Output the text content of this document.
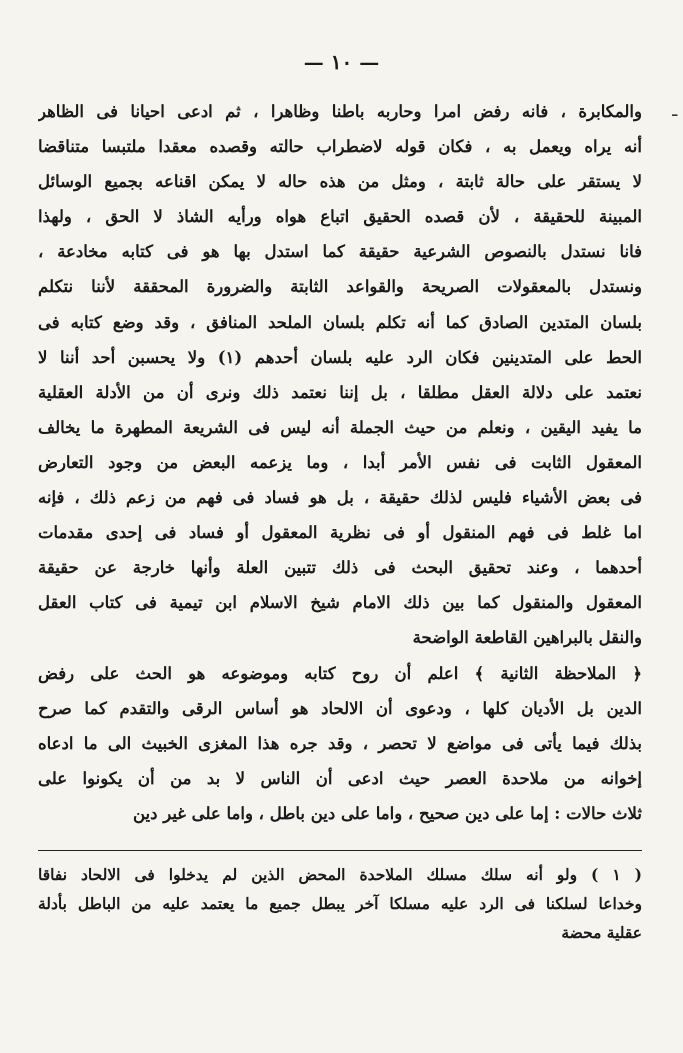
ـ
— ١٠ —
والمكابرة ، فانه رفض امرا وحاربه باطنا وظاهرا ، ثم ادعى احيانا فى الظاهر
أنه يراه ويعمل به ، فكان قوله لاضطراب حالته وقصده معقدا ملتبسا متناقضا
لا يستقر على حالة ثابتة ، ومثل من هذه حاله لا يمكن اقناعه بجميع الوسائل
المبينة للحقيقة ، لأن قصده الحقيق اتباع هواه ورأيه الشاذ لا الحق ، ولهذا
فانا نستدل بالنصوص الشرعية حقيقة كما استدل بها هو فى كتابه مخادعة ،
ونستدل بالمعقولات الصريحة والقواعد الثابتة والضرورة المحققة لأننا نتكلم
بلسان المتدين الصادق كما أنه تكلم بلسان الملحد المنافق ، وقد وضع كتابه فى
الحط على المتدينين فكان الرد عليه بلسان أحدهم (١) ولا يحسبن أحد أننا لا
نعتمد على دلالة العقل مطلقا ، بل إننا نعتمد ذلك ونرى أن من الأدلة العقلية
ما يفيد اليقين ، ونعلم من حيث الجملة أنه ليس فى الشريعة المطهرة ما يخالف
المعقول الثابت فى نفس الأمر أبدا ، وما يزعمه البعض من وجود التعارض
فى بعض الأشياء فليس لذلك حقيقة ، بل هو فساد فى فهم من زعم ذلك ، فإنه
اما غلط فى فهم المنقول أو فى نظرية المعقول أو فساد فى إحدى مقدمات
أحدهما ، وعند تحقيق البحث فى ذلك تتبين العلة وأنها خارجة عن حقيقة
المعقول والمنقول كما بين ذلك الامام شيخ الاسلام ابن تيمية فى كتاب العقل
والنقل بالبراهين القاطعة الواضحة
﴿ الملاحظة الثانية ﴾ اعلم أن روح كتابه وموضوعه هو الحث على رفض
الدين بل الأديان كلها ، ودعوى أن الالحاد هو أساس الرقى والتقدم كما صرح
بذلك فيما يأتى فى مواضع لا تحصر ، وقد جره هذا المغزى الخبيث الى ما ادعاه
إخوانه من ملاحدة العصر حيث ادعى أن الناس لا بد من أن يكونوا على
ثلاث حالات : إما على دين صحيح ، واما على دين باطل ، واما على غير دين
( ١ ) ولو أنه سلك مسلك الملاحدة المحض الذين لم يدخلوا فى الالحاد نفاقا
وخداعا لسلكنا فى الرد عليه مسلكا آخر يبطل جميع ما يعتمد عليه من الباطل بأدلة
عقلية محضة
